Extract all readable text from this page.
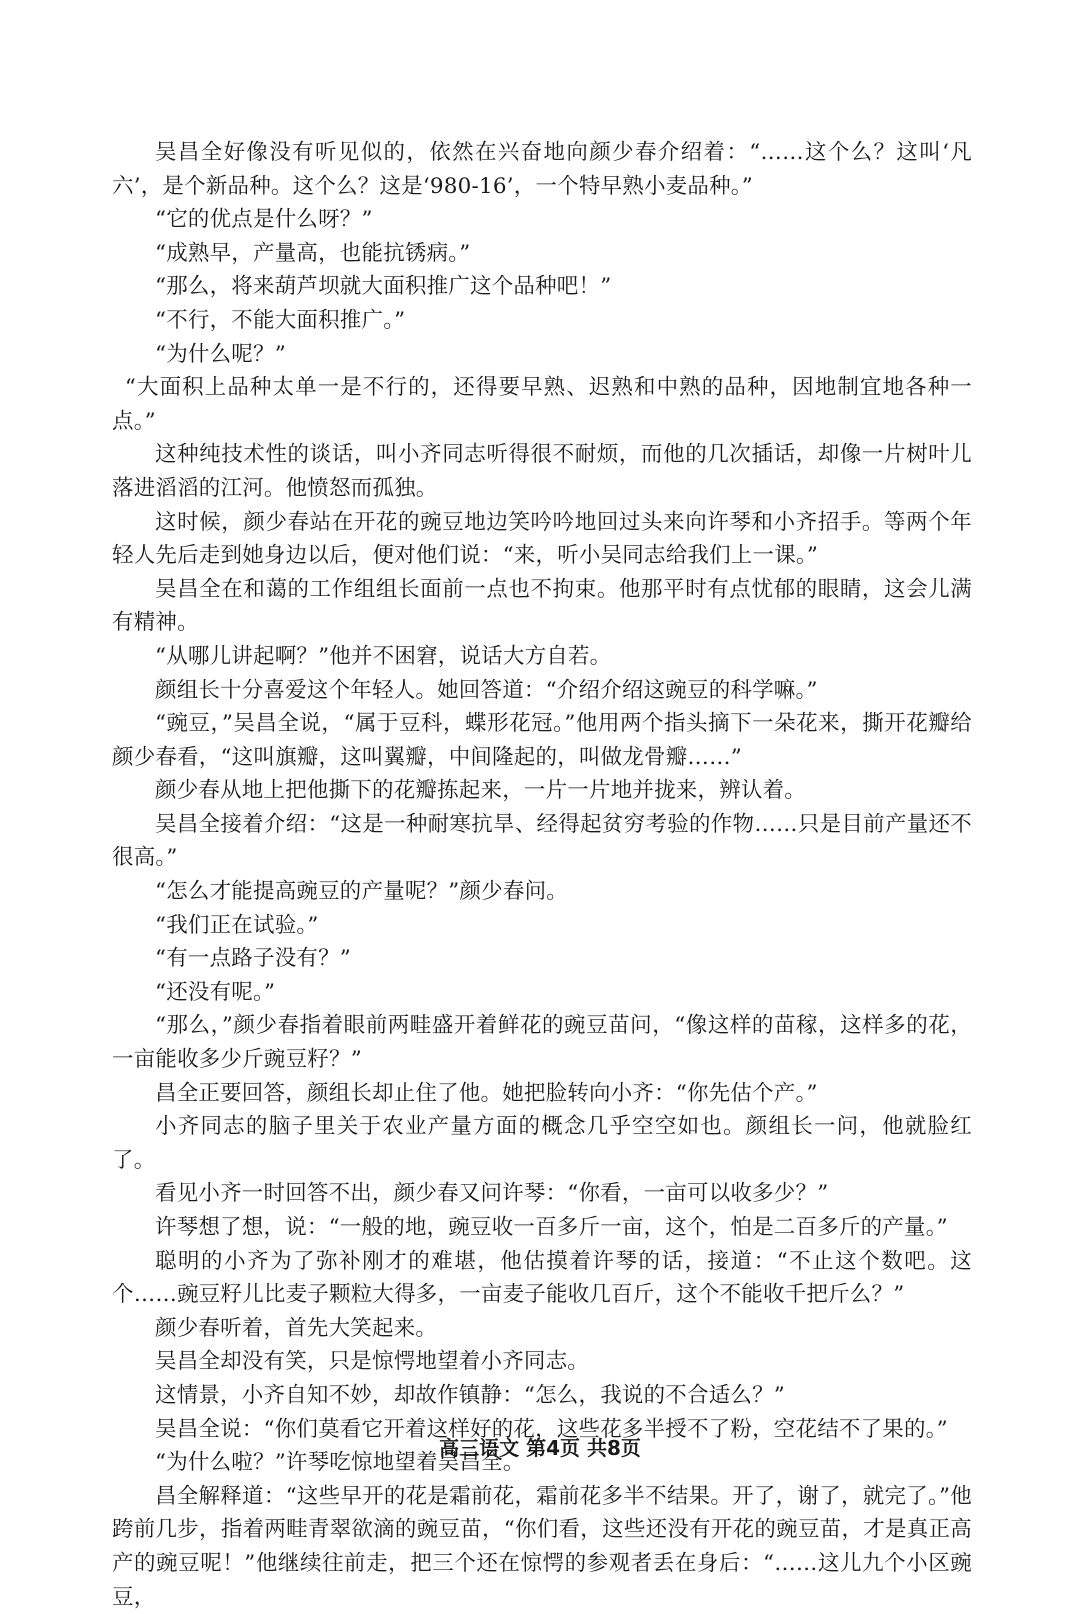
吴昌全好像没有听见似的，依然在兴奋地向颜少春介绍着：“……这个么？这叫‘凡六’，是个新品种。这个么？这是‘980-16’，一个特早熟小麦品种。”

“它的优点是什么呀？”

“成熟早，产量高，也能抗锈病。”

“那么，将来葫芦坝就大面积推广这个品种吧！”

“不行，不能大面积推广。”

“为什么呢？”

“大面积上品种太单一是不行的，还得要早熟、迟熟和中熟的品种，因地制宜地各种一点。”

这种纯技术性的谈话，叫小齐同志听得很不耐烦，而他的几次插话，却像一片树叶儿落进滔滔的江河。他愤怒而孤独。

这时候，颜少春站在开花的豌豆地边笑吟吟地回过头来向许琴和小齐招手。等两个年轻人先后走到她身边以后，便对他们说：“来，听小吴同志给我们上一课。”

吴昌全在和蔼的工作组组长面前一点也不拘束。他那平时有点忧郁的眼睛，这会儿满有精神。

“从哪儿讲起啊？”他并不困窘，说话大方自若。

颜组长十分喜爱这个年轻人。她回答道：“介绍介绍这豌豆的科学嘛。”

“豌豆，”吴昌全说，“属于豆科，蝶形花冠。”他用两个指头摘下一朵花来，撕开花瓣给颜少春看，“这叫旗瓣，这叫翼瓣，中间隆起的，叫做龙骨瓣……”

颜少春从地上把他撕下的花瓣拣起来，一片一片地并拢来，辨认着。

吴昌全接着介绍：“这是一种耐寒抗旱、经得起贫穷考验的作物……只是目前产量还不很高。”

“怎么才能提高豌豆的产量呢？”颜少春问。

“我们正在试验。”

“有一点路子没有？”

“还没有呢。”

“那么，”颜少春指着眼前两畦盛开着鲜花的豌豆苗问，“像这样的苗稼，这样多的花，一亩能收多少斤豌豆籽？”

昌全正要回答，颜组长却止住了他。她把脸转向小齐：“你先估个产。”

小齐同志的脑子里关于农业产量方面的概念几乎空空如也。颜组长一问，他就脸红了。

看见小齐一时回答不出，颜少春又问许琴：“你看，一亩可以收多少？”

许琴想了想，说：“一般的地，豌豆收一百多斤一亩，这个，怕是二百多斤的产量。”

聪明的小齐为了弥补刚才的难堪，他估摸着许琴的话，接道：“不止这个数吧。这个……豌豆籽儿比麦子颗粒大得多，一亩麦子能收几百斤，这个不能收千把斤么？”

颜少春听着，首先大笑起来。

吴昌全却没有笑，只是惊愕地望着小齐同志。

这情景，小齐自知不妙，却故作镇静：“怎么，我说的不合适么？”

吴昌全说：“你们莫看它开着这样好的花，这些花多半授不了粉，空花结不了果的。”

“为什么啦？”许琴吃惊地望着吴昌全。

昌全解释道：“这些早开的花是霜前花，霜前花多半不结果。开了，谢了，就完了。”他跨前几步，指着两畦青翠欲滴的豌豆苗，“你们看，这些还没有开花的豌豆苗，才是真正高产的豌豆呢！”他继续往前走，把三个还在惊愕的参观者丢在身后：“……这儿九个小区豌豆，

高三语文 第4页 共8页
